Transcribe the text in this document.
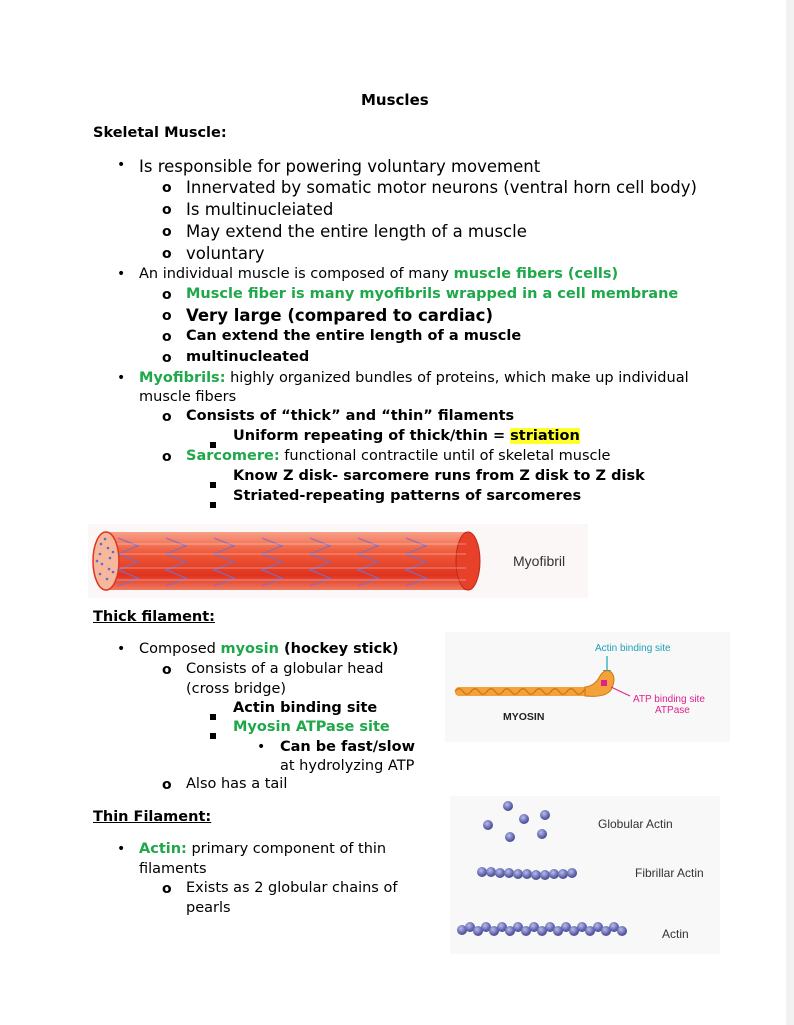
Muscles
Skeletal Muscle:
• Is responsible for powering voluntary movement
o Innervated by somatic motor neurons (ventral horn cell body)
o Is multinucleiated
o May extend the entire length of a muscle
o voluntary
• An individual muscle is composed of many muscle fibers (cells)
o Muscle fiber is many myofibrils wrapped in a cell membrane
o Very large (compared to cardiac)
o Can extend the entire length of a muscle
o multinucleated
• Myofibrils: highly organized bundles of proteins, which make up individual
muscle fibers
o Consists of “thick” and “thin” filaments
Uniform repeating of thick/thin = striation
o Sarcomere: functional contractile until of skeletal muscle
Know Z disk- sarcomere runs from Z disk to Z disk
Striated-repeating patterns of sarcomeres
Myofibril
Thick filament:
• Composed myosin (hockey stick)
o Consists of a globular head
(cross bridge)
Actin binding site
Myosin ATPase site
• Can be fast/slow
at hydrolyzing ATP
o Also has a tail
Actin binding site
ATP binding site
ATPase
MYOSIN
Thin Filament:
• Actin: primary component of thin
filaments
o Exists as 2 globular chains of
pearls
Globular Actin
Fibrillar Actin
Actin
